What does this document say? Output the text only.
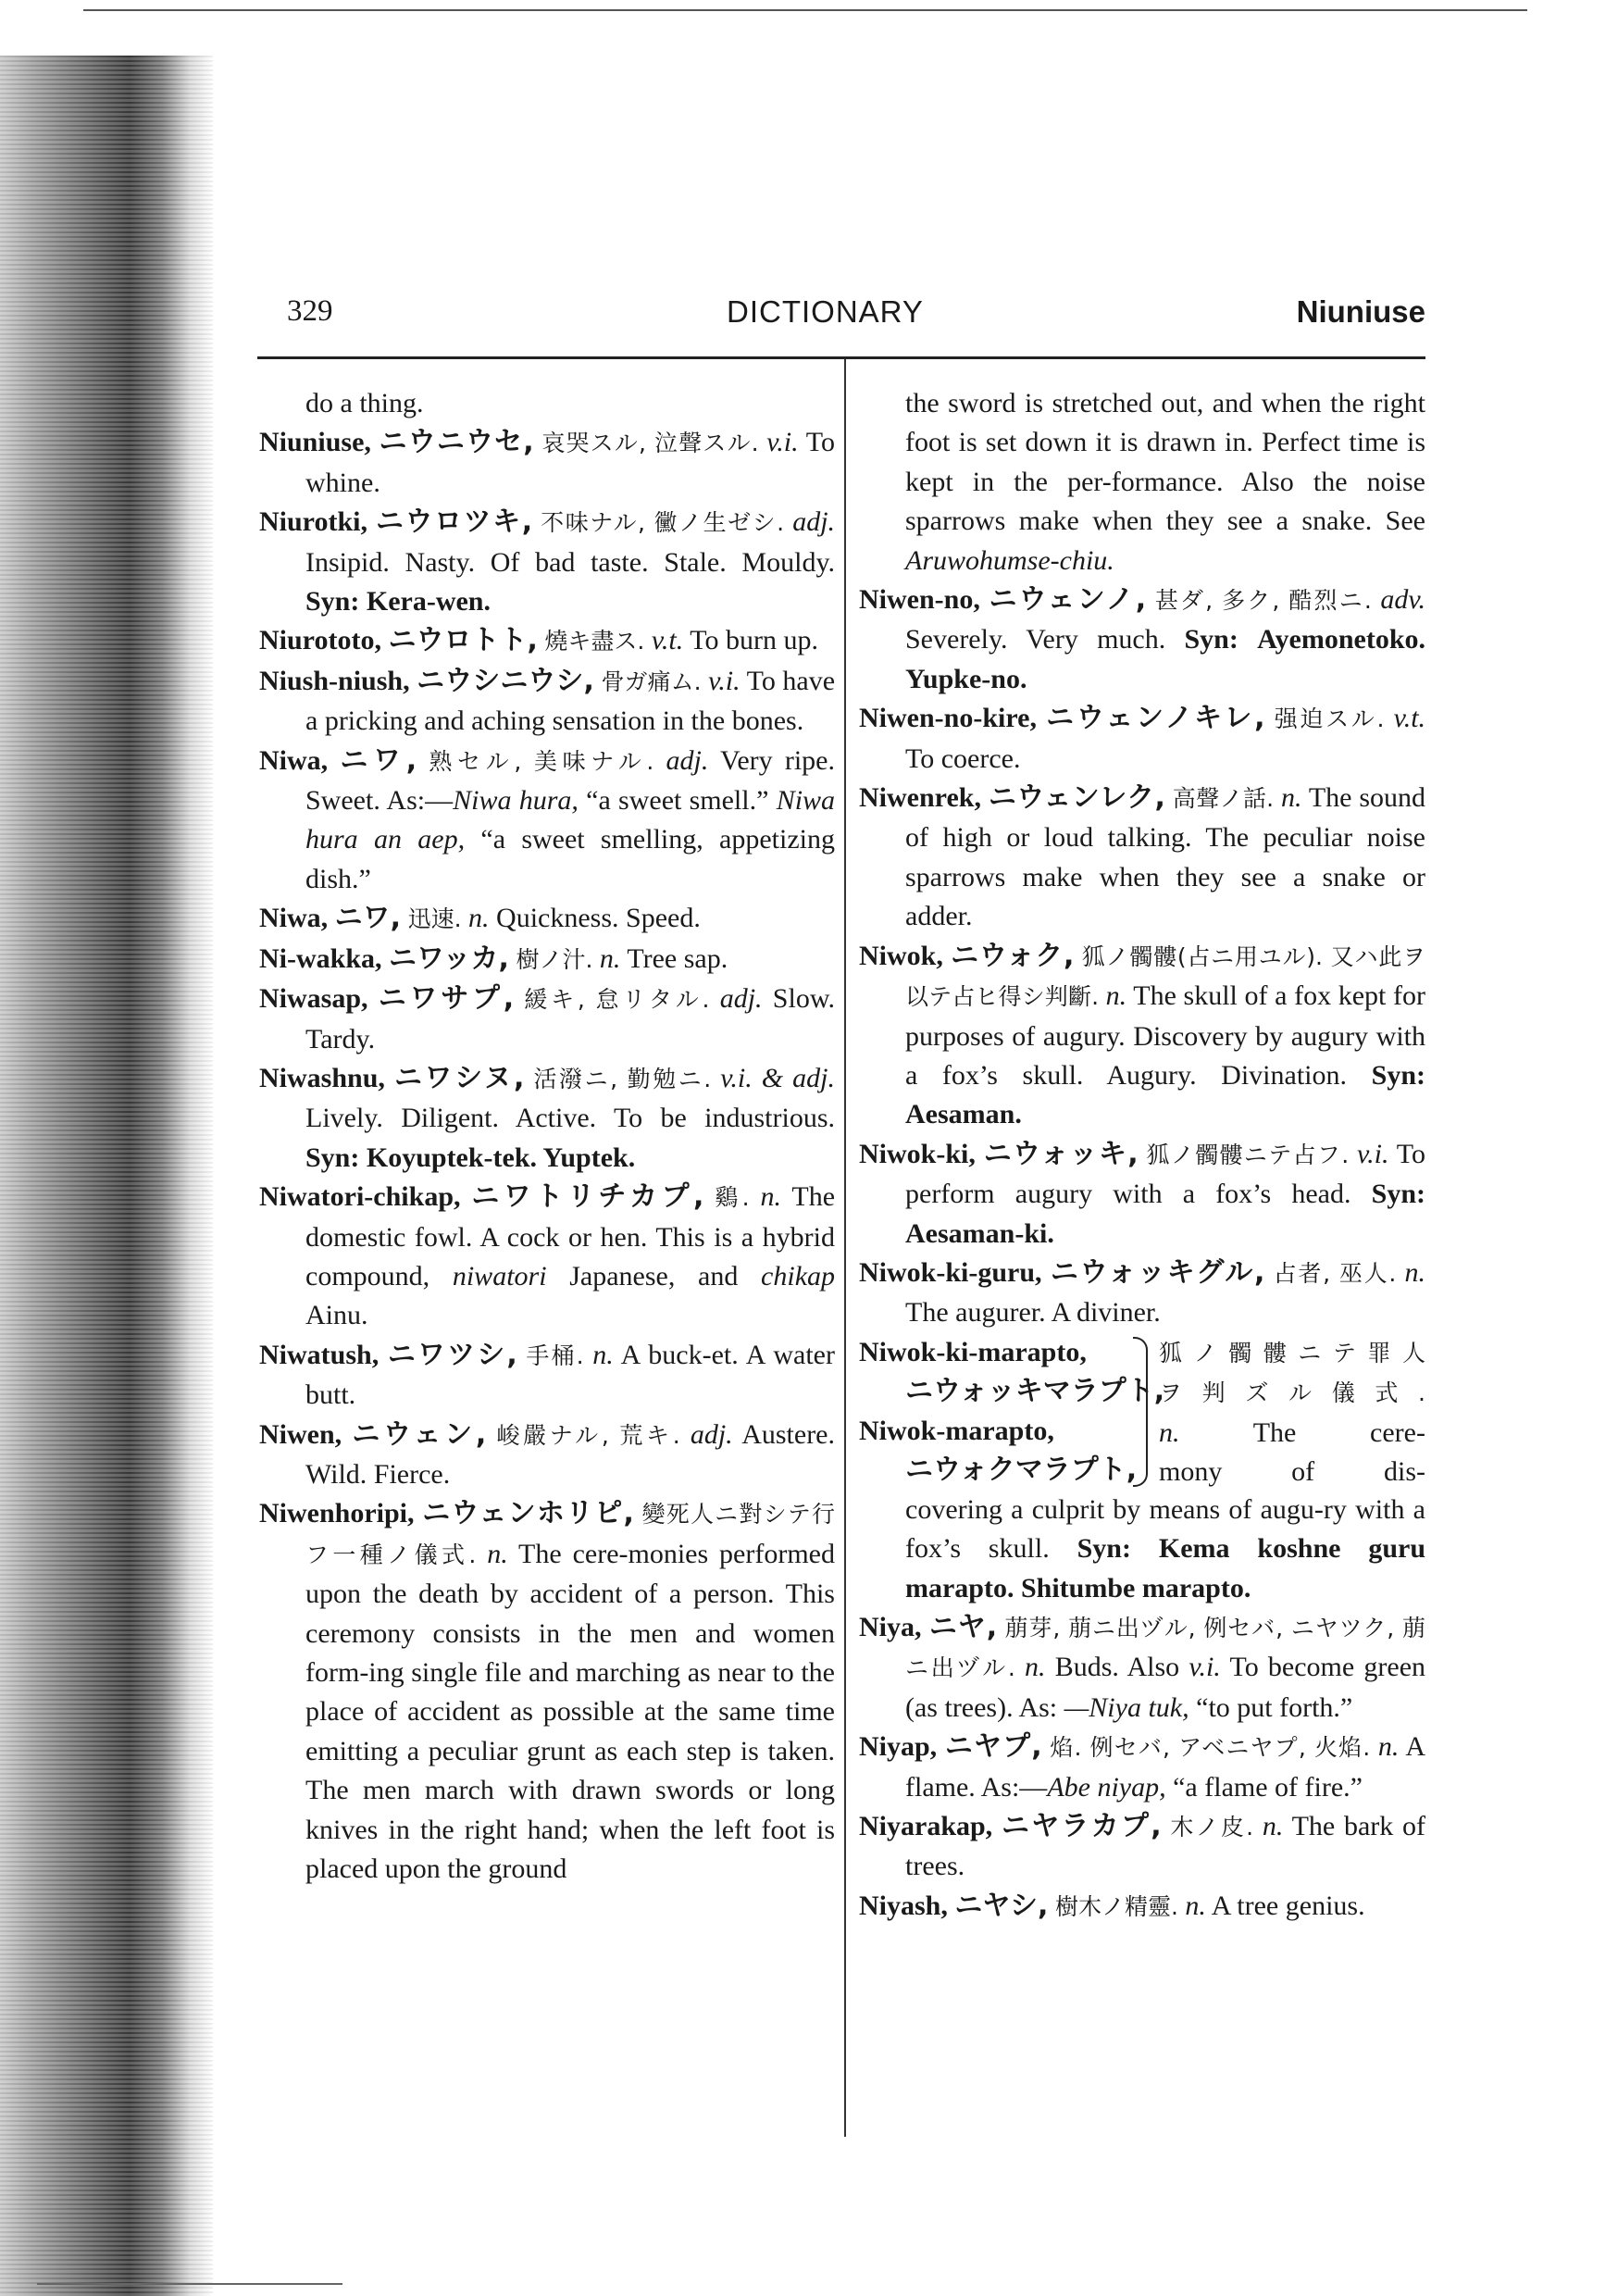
329	DICTIONARY	Niuniuse

do a thing.

Niuniuse, ニウニウセ, 哀哭スル, 泣聲スル. v.i. To whine.

Niurotki, ニウロツキ, 不味ナル, 黴ノ生ゼシ. adj. Insipid. Nasty. Of bad taste. Stale. Mouldy. Syn: Kera-wen.

Niurototo, ニウロトト, 燒キ盡ス. v.t. To burn up.

Niush-niush, ニウシニウシ, 骨ガ痛ム. v.i. To have a pricking and aching sensation in the bones.

Niwa, ニワ, 熟セル, 美味ナル. adj. Very ripe. Sweet. As:—Niwa hura, “a sweet smell.” Niwa hura an aep, “a sweet smelling, appetizing dish.”

Niwa, ニワ, 迅速. n. Quickness. Speed.

Ni-wakka, ニワッカ, 樹ノ汁. n. Tree sap.

Niwasap, ニワサプ, 緩キ, 怠リタル. adj. Slow. Tardy.

Niwashnu, ニワシヌ, 活潑ニ, 勤勉ニ. v.i. & adj. Lively. Diligent. Active. To be industrious. Syn: Koyuptek-tek. Yuptek.

Niwatori-chikap, ニワトリチカプ, 鷄. n. The domestic fowl. A cock or hen. This is a hybrid compound, niwatori Japanese, and chikap Ainu.

Niwatush, ニワツシ, 手桶. n. A buck-et. A water butt.

Niwen, ニウェン, 峻嚴ナル, 荒キ. adj. Austere. Wild. Fierce.

Niwenhoripi, ニウェンホリピ, 變死人ニ對シテ行フ一種ノ儀式. n. The cere-monies performed upon the death by accident of a person. This ceremony consists in the men and women form-ing single file and marching as near to the place of accident as possible at the same time emitting a peculiar grunt as each step is taken. The men march with drawn swords or long knives in the right hand; when the left foot is placed upon the ground

the sword is stretched out, and when the right foot is set down it is drawn in. Perfect time is kept in the per-formance. Also the noise sparrows make when they see a snake. See Aruwohumse-chiu.

Niwen-no, ニウェンノ, 甚ダ, 多ク, 酷烈ニ. adv. Severely. Very much. Syn: Ayemonetoko. Yupke-no.

Niwen-no-kire, ニウェンノキレ, 强迫スル. v.t. To coerce.

Niwenrek, ニウェンレク, 高聲ノ話. n. The sound of high or loud talking. The peculiar noise sparrows make when they see a snake or adder.

Niwok, ニウォク, 狐ノ髑髏(占ニ用ユル). 又ハ此ヲ以テ占ヒ得シ判斷. n. The skull of a fox kept for purposes of augury. Discovery by augury with a fox’s skull. Augury. Divination. Syn: Aesaman.

Niwok-ki, ニウォッキ, 狐ノ髑髏ニテ占フ. v.i. To perform augury with a fox’s head. Syn: Aesaman-ki.

Niwok-ki-guru, ニウォッキグル, 占者, 巫人. n. The augurer. A diviner.

Niwok-ki-marapto,
ニウォッキマラプト,
Niwok-marapto,
ニウォクマラプト,
狐ノ髑髏ニテ罪人
ヲ判ズル儀式.
n.	The cere-
mony of dis-

covering a culprit by means of augu-ry with a fox’s skull. Syn: Kema koshne guru marapto. Shitumbe marapto.

Niya, ニヤ, 萠芽, 萠ニ出ヅル, 例セバ, ニヤツク, 萠ニ出ヅル. n. Buds. Also v.i. To become green (as trees). As: —Niya tuk, “to put forth.”

Niyap, ニヤプ, 焰. 例セバ, アベニヤプ, 火焰. n. A flame. As:—Abe niyap, “a flame of fire.”

Niyarakap, ニヤラカプ, 木ノ皮. n. The bark of trees.

Niyash, ニヤシ, 樹木ノ精靈. n. A tree genius.
